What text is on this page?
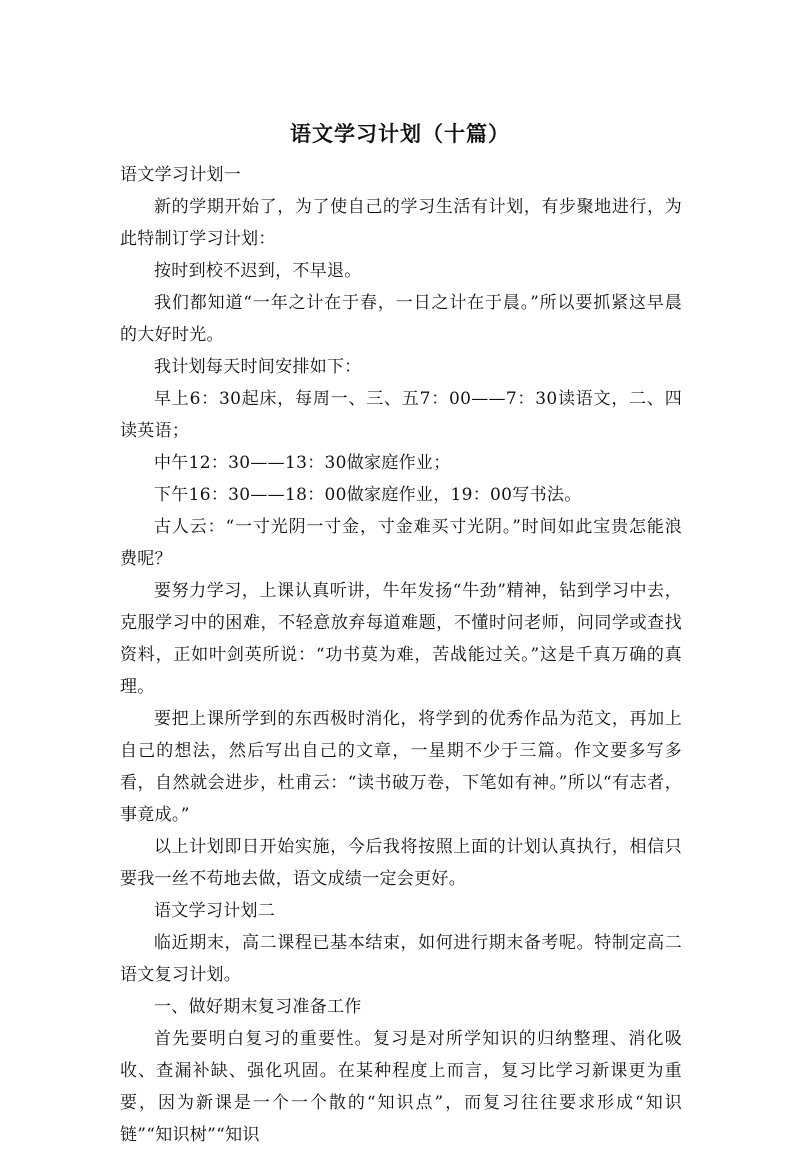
语文学习计划（十篇）

语文学习计划一

新的学期开始了，为了使自己的学习生活有计划，有步聚地进行，为此特制订学习计划：

按时到校不迟到，不早退。

我们都知道“一年之计在于春，一日之计在于晨。”所以要抓紧这早晨的大好时光。

我计划每天时间安排如下：

早上6：30起床，每周一、三、五7：00——7：30读语文，二、四读英语；

中午12：30——13：30做家庭作业；

下午16：30——18：00做家庭作业，19：00写书法。

古人云：“一寸光阴一寸金，寸金难买寸光阴。”时间如此宝贵怎能浪费呢？

要努力学习，上课认真听讲，牛年发扬“牛劲”精神，钻到学习中去，克服学习中的困难，不轻意放弃每道难题，不懂时问老师，问同学或查找资料，正如叶剑英所说：“功书莫为难，苦战能过关。”这是千真万确的真理。

要把上课所学到的东西极时消化，将学到的优秀作品为范文，再加上自己的想法，然后写出自己的文章，一星期不少于三篇。作文要多写多看，自然就会进步，杜甫云：“读书破万卷，下笔如有神。”所以“有志者，事竟成。”

以上计划即日开始实施，今后我将按照上面的计划认真执行，相信只要我一丝不苟地去做，语文成绩一定会更好。

语文学习计划二

临近期末，高二课程已基本结束，如何进行期末备考呢。特制定高二语文复习计划。

一、做好期末复习准备工作

首先要明白复习的重要性。复习是对所学知识的归纳整理、消化吸收、查漏补缺、强化巩固。在某种程度上而言，复习比学习新课更为重要，因为新课是一个一个散的“知识点”，而复习往往要求形成“知识链”“知识树”“知识
